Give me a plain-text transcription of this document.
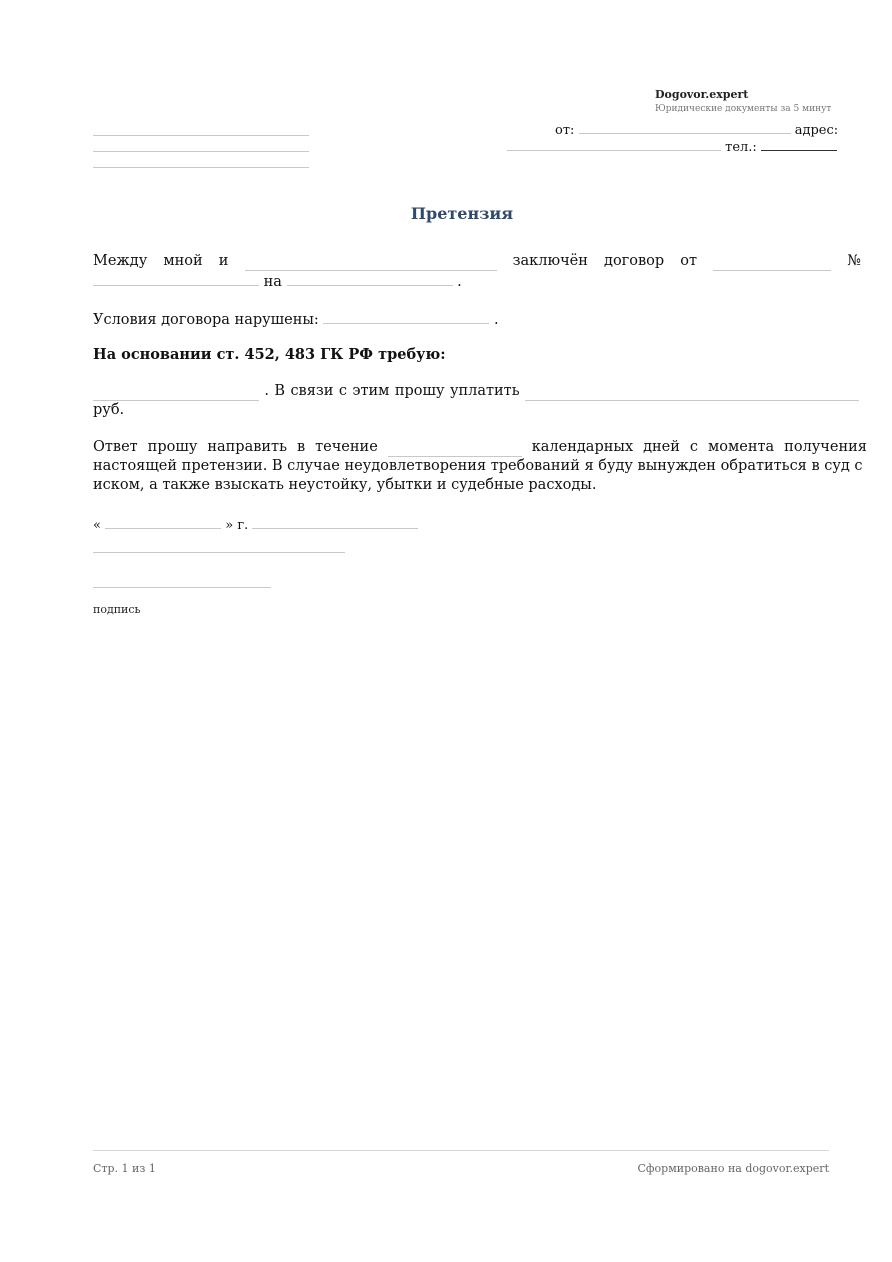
Dogovor.expert
Юридические документы за 5 минут
от:	адрес:
тел.:
Претензия
Между мной и	заключён договор от	№
на	.
Условия договора нарушены:	.
На основании ст. 452, 483 ГК РФ требую:
. В связи с этим прошу уплатить
руб.
Ответ прошу направить в течение	календарных дней с момента получения
настоящей претензии. В случае неудовлетворения требований я буду вынужден обратиться в суд с
иском, а также взыскать неустойку, убытки и судебные расходы.
«	» г.
подпись
Стр. 1 из 1	Сформировано на dogovor.expert
